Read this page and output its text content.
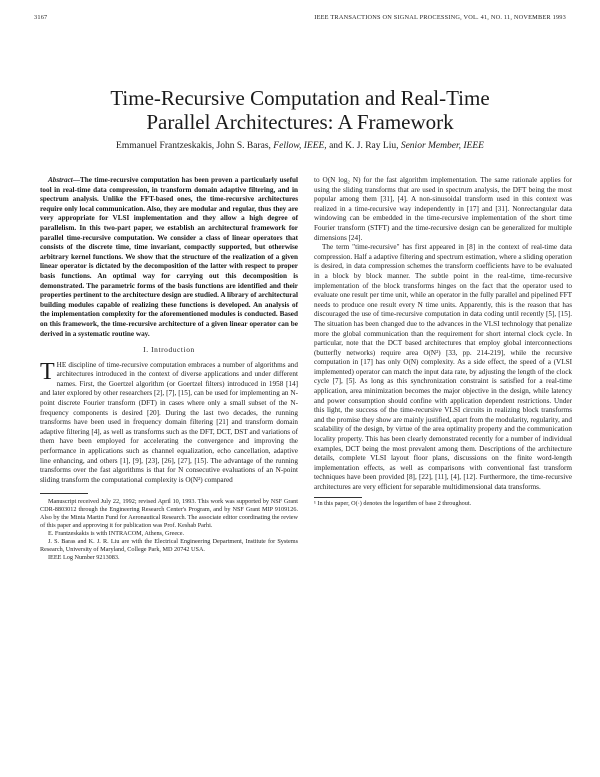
3167	IEEE TRANSACTIONS ON SIGNAL PROCESSING, VOL. 41, NO. 11, NOVEMBER 1993
Time-Recursive Computation and Real-Time
Parallel Architectures: A Framework
Emmanuel Frantzeskakis, John S. Baras, Fellow, IEEE, and K. J. Ray Liu, Senior Member, IEEE

Abstract—The time-recursive computation has been proven a particularly useful tool in real-time data compression, in transform domain adaptive filtering, and in spectrum analysis. Unlike the FFT-based ones, the time-recursive architectures require only local communication. Also, they are modular and regular, thus they are very appropriate for VLSI implementation and they allow a high degree of parallelism. In this two-part paper, we establish an architectural framework for parallel time-recursive computation. We consider a class of linear operators that consists of the discrete time, time invariant, compactly supported, but otherwise arbitrary kernel functions. We show that the structure of the realization of a given linear operator is dictated by the decomposition of the latter with respect to proper basis functions. An optimal way for carrying out this decomposition is demonstrated. The parametric forms of the basis functions are identified and their properties pertinent to the architecture design are studied. A library of architectural building modules capable of realizing these functions is developed. An analysis of the implementation complexity for the aforementioned modules is conducted. Based on this framework, the time-recursive architecture of a given linear operator can be derived in a systematic routine way.

I. Introduction

THE discipline of time-recursive computation embraces a number of algorithms and architectures introduced in the context of diverse applications and under different names. First, the Goertzel algorithm (or Goertzel filters) introduced in 1958 [14] and later explored by other researchers [2], [7], [15], can be used for implementing an N-point discrete Fourier transform (DFT) in cases where only a small subset of the N-frequency components is desired [20]. During the last two decades, the running transforms have been used in frequency domain filtering [21] and transform domain adaptive filtering [4], as well as transforms such as the DFT, DCT, DST and variations of them have been employed for accelerating the convergence and improving the performance in applications such as channel equalization, echo cancellation, adaptive line enhancing, and others [1], [9], [23], [26], [27], [15]. The advantage of the running transforms over the fast algorithms is that for N consecutive evaluations of an N-point sliding transform the computational complexity is O(N²) compared

Manuscript received July 22, 1992; revised April 10, 1993. This work was supported by NSF Grant CDR-8803012 through the Engineering Research Center's Program, and by NSF Grant MIP 9109126. Also by the Minta Martin Fund for Aeronautical Research. The associate editor coordinating the review of this paper and approving it for publication was Prof. Keshab Parhi.

E. Frantzeskakis is with INTRACOM, Athens, Greece.

J. S. Baras and K. J. R. Liu are with the Electrical Engineering Department, Institute for Systems Research, University of Maryland, College Park, MD 20742 USA.

IEEE Log Number 9213083.

to O(N log₂ N) for the fast algorithm implementation. The same rationale applies for using the sliding transforms that are used in spectrum analysis, the DFT being the most popular among them [31], [4]. A non-sinusoidal transform used in this context was realized in a time-recursive way independently in [17] and [31]. Nonrectangular data windowing can be embedded in the time-recursive implementation of the short time Fourier transform (STFT) and the time-recursive design can be generalized for multiple dimensions [24].

The term "time-recursive" has first appeared in [8] in the context of real-time data compression. Half a adaptive filtering and spectrum estimation, where a sliding operation is desired, in data compression schemes the transform coefficients have to be evaluated in a block by block manner. The subtle point in the real-time, time-recursive implementation of the block transforms hinges on the fact that the operator used to evaluate one result per time unit, while an operator in the fully parallel and pipelined FFT needs to produce one result every N time units. Apparently, this is the reason that has discouraged the use of time-recursive computation in data coding until recently [5], [15]. The situation has been changed due to the advances in the VLSI technology that penalize more the global communication than the requirement for short internal clock cycle. In particular, note that the DCT based architectures that employ global interconnections (butterfly networks) require area O(N²) [33, pp. 214-219], while the recursive computation in [17] has only O(N) complexity. As a side effect, the speed of a (VLSI implemented) operator can match the input data rate, by adjusting the length of the clock cycle [7], [5]. As long as this synchronization constraint is satisfied for a real-time application, area minimization becomes the major objective in the design, while latency and power consumption should confine with application dependent restrictions. Under this light, the success of the time-recursive VLSI circuits in realizing block transforms and the promise they show are mainly justified, apart from the modularity, regularity, and scalability of the design, by virtue of the area optimality property and the communication locality property. This has been clearly demonstrated recently for a number of individual examples, DCT being the most prevalent among them. Descriptions of the architecture details, complete VLSI layout floor plans, discussions on the finite word-length implementation effects, as well as comparisons with conventional fast transform techniques have been provided [8], [22], [11], [4], [12]. Furthermore, the time-recursive architectures are very efficient for separable multidimensional data transforms.

¹ In this paper, O(·) denotes the logarithm of base 2 throughout.
